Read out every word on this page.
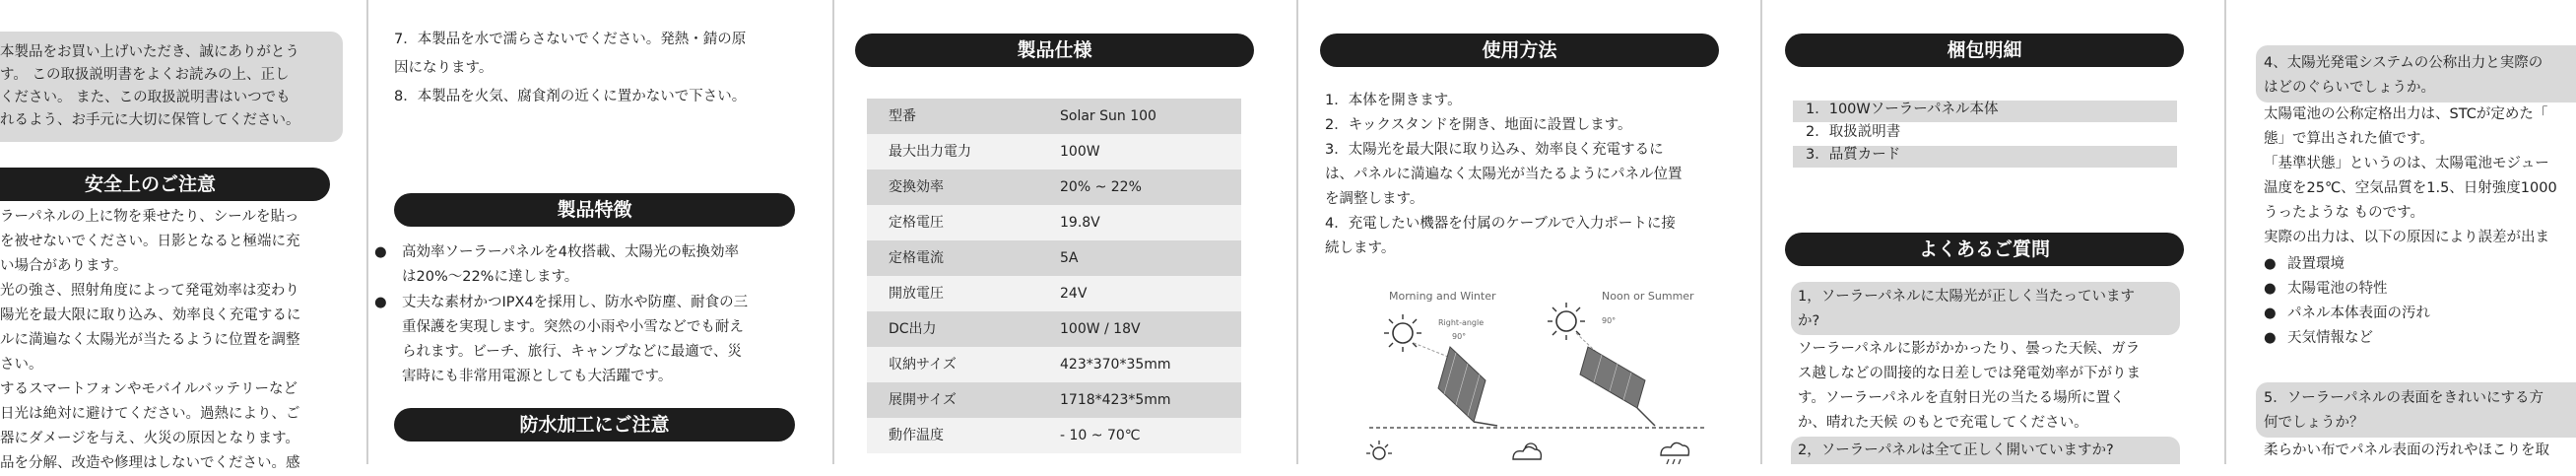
本製品をお買い上げいただき、誠にありがとう
す。 この取扱説明書をよくお読みの上、正し
ください。 また、この取扱説明書はいつでも
れるよう、お手元に大切に保管してください。
安全上のご注意
ラーパネルの上に物を乗せたり、シールを貼っ
を被せないでください。日影となると極端に充
い場合があります。
光の強さ、照射角度によって発電効率は変わり
陽光を最大限に取り込み、効率良く充電するに
ルに満遍なく太陽光が当たるように位置を調整
さい。
するスマートフォンやモバイルバッテリーなど
日光は絶対に避けてください。過熱により、ご
器にダメージを与え、火災の原因となります。
品を分解、改造や修理はしないでください。感
7．本製品を水で濡らさないでください。発熱・錆の原
因になります。
8．本製品を火気、腐食剤の近くに置かないで下さい。
製品特徴
● 高効率ソーラーパネルを4枚搭載、太陽光の転換効率
は20%～22%に達します。
● 丈夫な素材かつIPX4を採用し、防水や防塵、耐食の三
重保護を実現します。突然の小雨や小雪などでも耐え
られます。ビーチ、旅行、キャンプなどに最適で、災
害時にも非常用電源としても大活躍です。
防水加工にご注意
製品仕様
型番	Solar Sun 100
最大出力電力	100W
変換効率	20% ~ 22%
定格電圧	19.8V
定格電流	5A
開放電圧	24V
DC出力	100W / 18V
収納サイズ	423*370*35mm
展開サイズ	1718*423*5mm
動作温度	- 10 ~ 70℃
使用方法
1．本体を開きます。
2．キックスタンドを開き、地面に設置します。
3．太陽光を最大限に取り込み、効率良く充電するに
は、パネルに満遍なく太陽光が当たるようにパネル位置
を調整します。
4．充電したい機器を付属のケーブルで入力ポートに接
続します。
Morning and Winter	Noon or Summer
Right-angle
90°
90°
梱包明細
1．100Wソーラーパネル本体
2．取扱説明書
3．品質カード
よくあるご質問
1，ソーラーパネルに太陽光が正しく当たっています
か?
ソーラーパネルに影がかかったり、曇った天候、ガラ
ス越しなどの間接的な日差しでは発電効率が下がりま
す。ソーラーパネルを直射日光の当たる場所に置く
か、晴れた天候 のもとで充電してください。
2，ソーラーパネルは全て正しく開いていますか?
4、太陽光発電システムの公称出力と実際の
はどのぐらいでしょうか。
太陽電池の公称定格出力は、STCが定めた「
態」で算出された値です。
「基準状態」というのは、太陽電池モジュー
温度を25℃、空気品質を1.5、日射強度1000
うったような ものです。
実際の出力は、以下の原因により誤差が出ま
● 設置環境
● 太陽電池の特性
● パネル本体表面の汚れ
● 天気情報など
5．ソーラーパネルの表面をきれいにする方
何でしょうか？
柔らかい布でパネル表面の汚れやほこりを取
